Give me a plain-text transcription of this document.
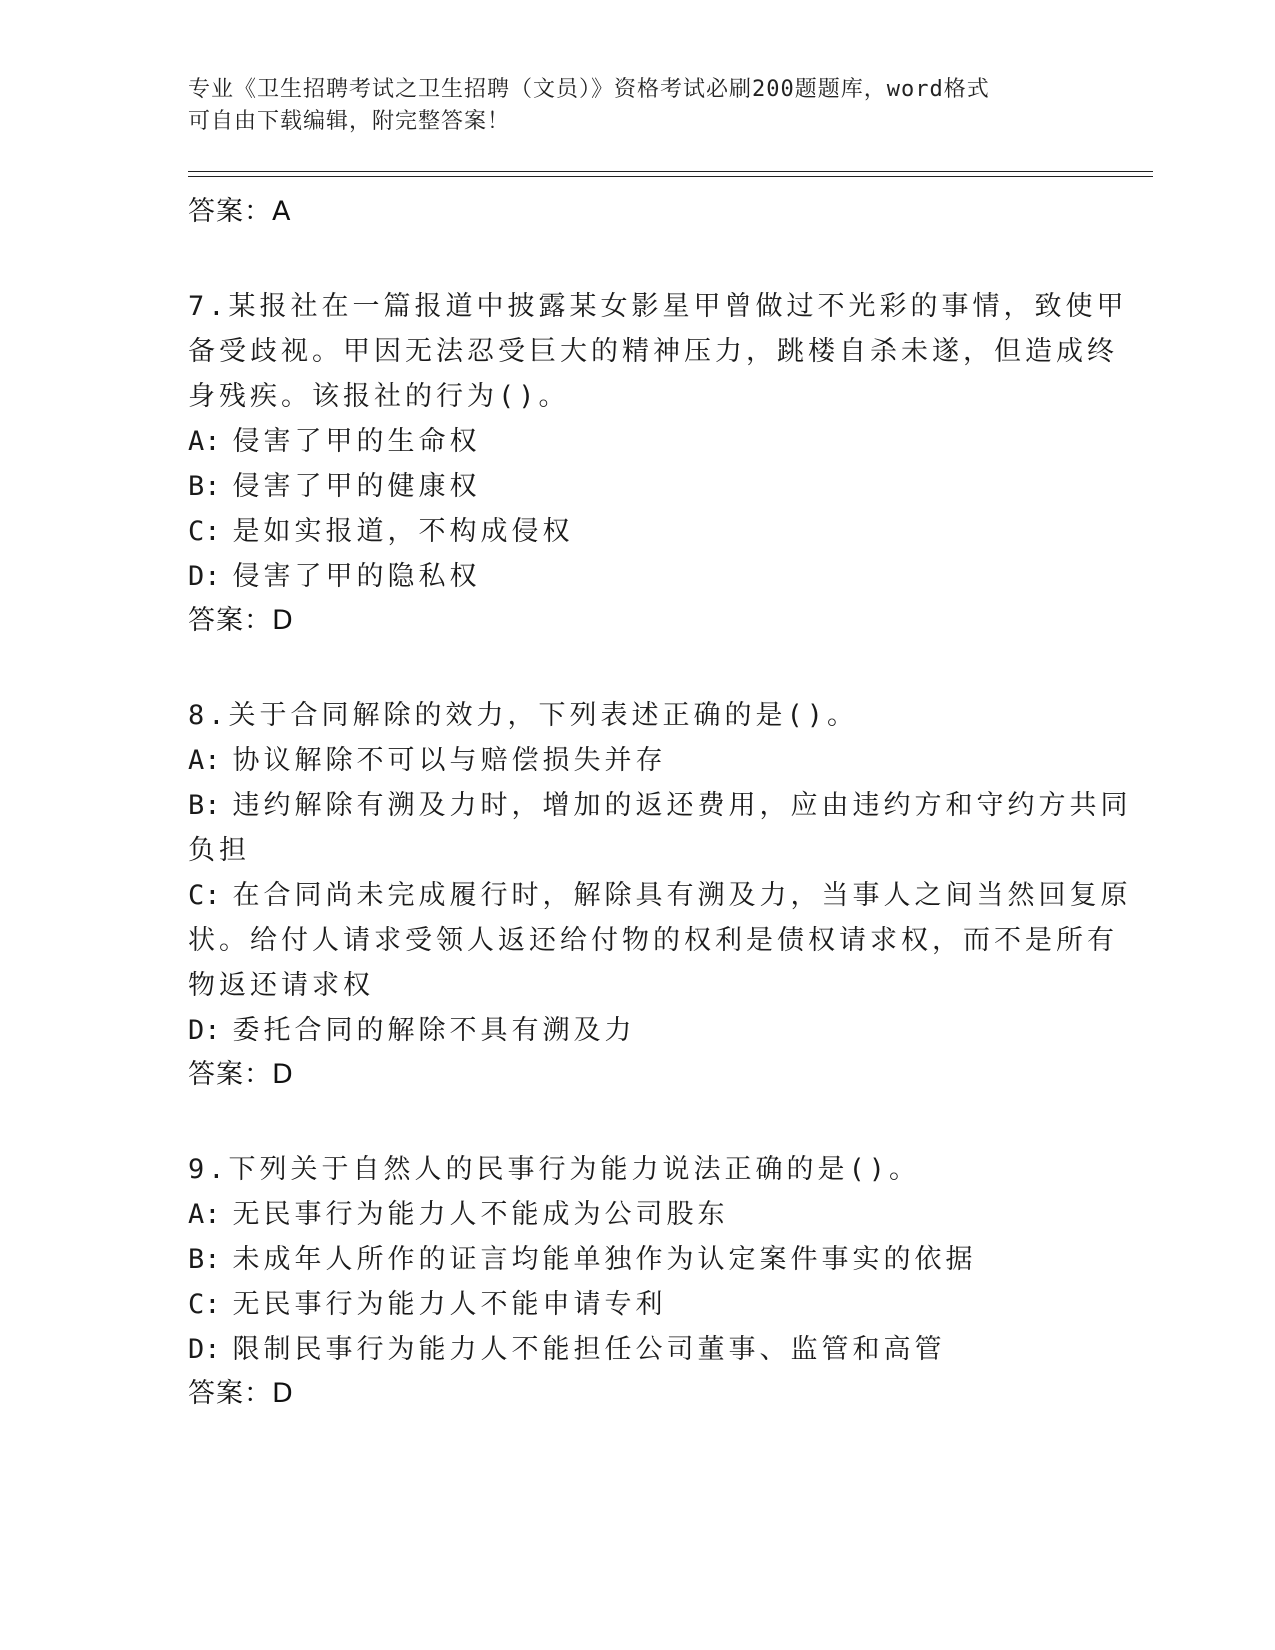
专业《卫生招聘考试之卫生招聘（文员）》资格考试必刷200题题库，word格式
可自由下载编辑，附完整答案！
答案：A
7.某报社在一篇报道中披露某女影星甲曾做过不光彩的事情，致使甲
备受歧视。甲因无法忍受巨大的精神压力，跳楼自杀未遂，但造成终
身残疾。该报社的行为()。
A: 侵害了甲的生命权
B: 侵害了甲的健康权
C: 是如实报道，不构成侵权
D: 侵害了甲的隐私权
答案：D
8.关于合同解除的效力，下列表述正确的是()。
A: 协议解除不可以与赔偿损失并存
B: 违约解除有溯及力时，增加的返还费用，应由违约方和守约方共同
负担
C: 在合同尚未完成履行时，解除具有溯及力，当事人之间当然回复原
状。给付人请求受领人返还给付物的权利是债权请求权，而不是所有
物返还请求权
D: 委托合同的解除不具有溯及力
答案：D
9.下列关于自然人的民事行为能力说法正确的是()。
A: 无民事行为能力人不能成为公司股东
B: 未成年人所作的证言均能单独作为认定案件事实的依据
C: 无民事行为能力人不能申请专利
D: 限制民事行为能力人不能担任公司董事、监管和高管
答案：D
